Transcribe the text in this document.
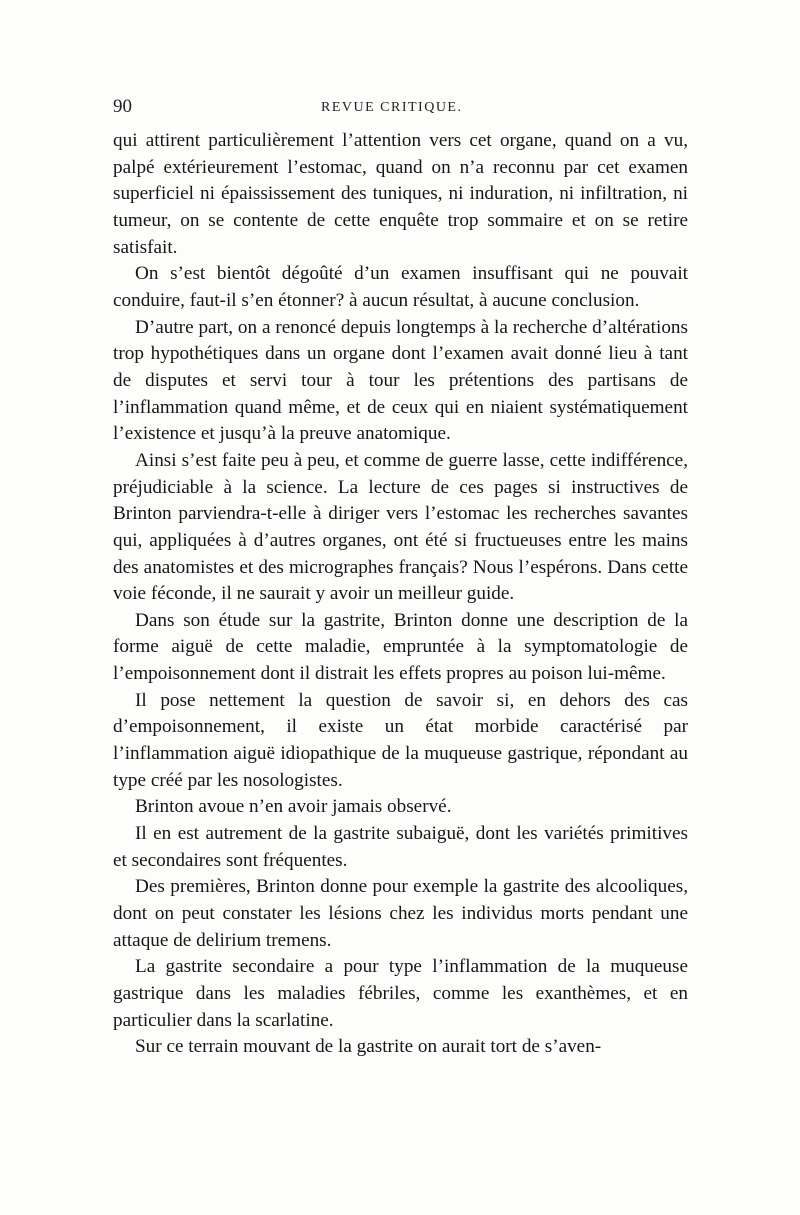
90	REVUE CRITIQUE.

qui attirent particulièrement l’attention vers cet organe, quand on a vu, palpé extérieurement l’estomac, quand on n’a reconnu par cet examen superficiel ni épaississement des tuniques, ni induration, ni infiltration, ni tumeur, on se contente de cette enquête trop sommaire et on se retire satisfait.

On s’est bientôt dégoûté d’un examen insuffisant qui ne pouvait conduire, faut-il s’en étonner? à aucun résultat, à aucune conclusion.

D’autre part, on a renoncé depuis longtemps à la recherche d’altérations trop hypothétiques dans un organe dont l’examen avait donné lieu à tant de disputes et servi tour à tour les prétentions des partisans de l’inflammation quand même, et de ceux qui en niaient systématiquement l’existence et jusqu’à la preuve anatomique.

Ainsi s’est faite peu à peu, et comme de guerre lasse, cette indifférence, préjudiciable à la science. La lecture de ces pages si instructives de Brinton parviendra-t-elle à diriger vers l’estomac les recherches savantes qui, appliquées à d’autres organes, ont été si fructueuses entre les mains des anatomistes et des micrographes français? Nous l’espérons. Dans cette voie féconde, il ne saurait y avoir un meilleur guide.

Dans son étude sur la gastrite, Brinton donne une description de la forme aiguë de cette maladie, empruntée à la symptomatologie de l’empoisonnement dont il distrait les effets propres au poison lui-même.

Il pose nettement la question de savoir si, en dehors des cas d’empoisonnement, il existe un état morbide caractérisé par l’inflammation aiguë idiopathique de la muqueuse gastrique, répondant au type créé par les nosologistes.

Brinton avoue n’en avoir jamais observé.

Il en est autrement de la gastrite subaiguë, dont les variétés primitives et secondaires sont fréquentes.

Des premières, Brinton donne pour exemple la gastrite des alcooliques, dont on peut constater les lésions chez les individus morts pendant une attaque de delirium tremens.

La gastrite secondaire a pour type l’inflammation de la muqueuse gastrique dans les maladies fébriles, comme les exanthèmes, et en particulier dans la scarlatine.

Sur ce terrain mouvant de la gastrite on aurait tort de s’aven-
